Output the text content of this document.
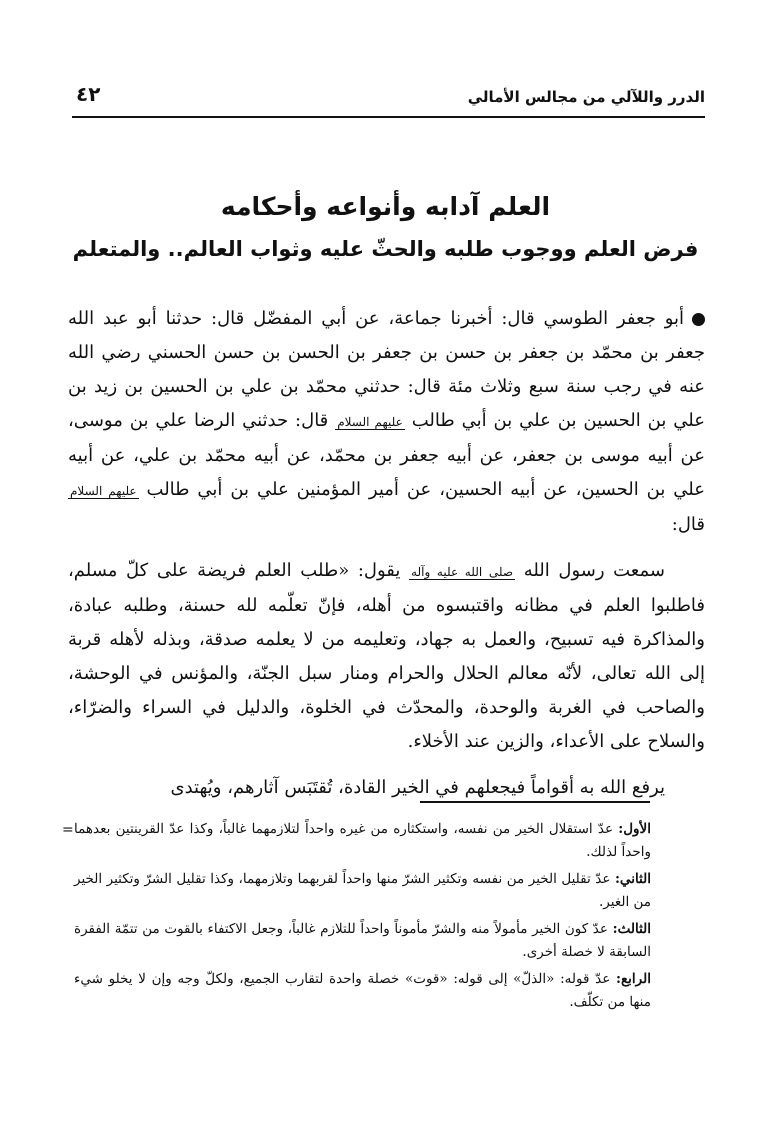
الدرر واللآلي من مجالس الأمالي
٤٢
العلم آدابه وأنواعه وأحكامه
فرض العلم ووجوب طلبه والحثّ عليه وثواب العالم.. والمتعلم

أبو جعفر الطوسي قال: أخبرنا جماعة، عن أبي المفضّل قال: حدثنا أبو عبد الله جعفر بن محمّد بن جعفر بن حسن بن جعفر بن الحسن بن حسن الحسني رضي الله عنه في رجب سنة سبع وثلاث مئة قال: حدثني محمّد بن علي بن الحسين بن زيد بن علي بن الحسين بن علي بن أبي طالب عليهم السلام قال: حدثني الرضا علي بن موسى، عن أبيه موسى بن جعفر، عن أبيه جعفر بن محمّد، عن أبيه محمّد بن علي، عن أبيه علي بن الحسين، عن أبيه الحسين، عن أمير المؤمنين علي بن أبي طالب عليهم السلام قال:

سمعت رسول الله صلى الله عليه وآله يقول: «طلب العلم فريضة على كلّ مسلم، فاطلبوا العلم في مظانه واقتبسوه من أهله، فإنّ تعلّمه لله حسنة، وطلبه عبادة، والمذاكرة فيه تسبيح، والعمل به جهاد، وتعليمه من لا يعلمه صدقة، وبذله لأهله قربة إلى الله تعالى، لأنّه معالم الحلال والحرام ومنار سبل الجنّة، والمؤنس في الوحشة، والصاحب في الغربة والوحدة، والمحدّث في الخلوة، والدليل في السراء والضرّاء، والسلاح على الأعداء، والزين عند الأخلاء.

يرفع الله به أقواماً فيجعلهم في الخير القادة، تُقتَبَس آثارهم، ويُهتدى

=	الأول: عدّ استقلال الخير من نفسه، واستكثاره من غيره واحداً لتلازمهما غالباً، وكذا عدّ القرينتين بعدهما واحداً لذلك.

الثاني: عدّ تقليل الخير من نفسه وتكثير الشرّ منها واحداً لقربهما وتلازمهما، وكذا تقليل الشرّ وتكثير الخير من الغير.

الثالث: عدّ كون الخير مأمولاً منه والشرّ مأموناً واحداً للتلازم غالباً، وجعل الاكتفاء بالقوت من تتمّة الفقرة السابقة لا خصلة أخرى.

الرابع: عدّ قوله: «الذلّ» إلى قوله: «قوت» خصلة واحدة لتقارب الجميع، ولكلّ وجه وإن لا يخلو شيء منها من تكلّف.
